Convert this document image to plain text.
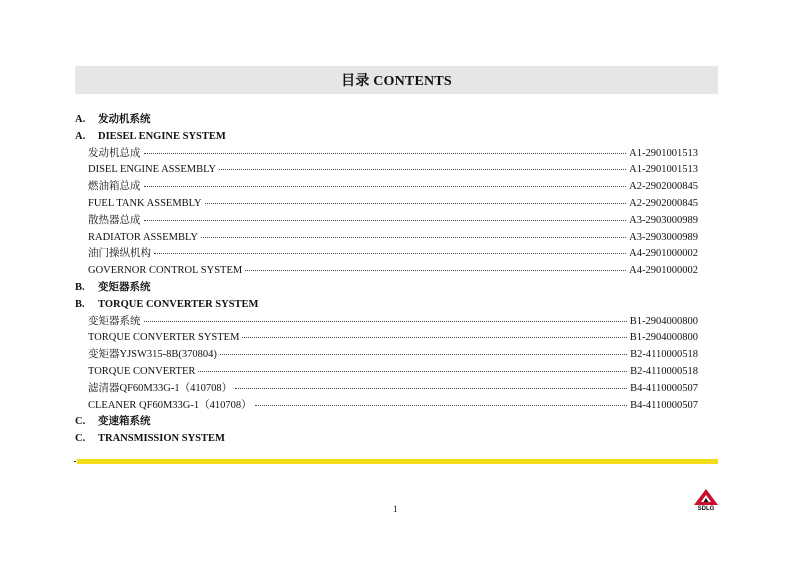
目录 CONTENTS
A.	发动机系统
A.	DIESEL ENGINE SYSTEM
发动机总成	A1-2901001513
DISEL ENGINE ASSEMBLY	A1-2901001513
燃油箱总成	A2-2902000845
FUEL TANK ASSEMBLY	A2-2902000845
散热器总成	A3-2903000989
RADIATOR ASSEMBLY	A3-2903000989
油门操纵机构	A4-2901000002
GOVERNOR CONTROL SYSTEM	A4-2901000002
B.	变矩器系统
B.	TORQUE CONVERTER SYSTEM
变矩器系统	B1-2904000800
TORQUE CONVERTER SYSTEM	B1-2904000800
变矩器YJSW315-8B(370804)	B2-4110000518
TORQUE CONVERTER	B2-4110000518
滤清器QF60M33G-1（410708）	B4-4110000507
CLEANER QF60M33G-1（410708）	B4-4110000507
C.	变速箱系统
C.	TRANSMISSION SYSTEM
1	SDLG
